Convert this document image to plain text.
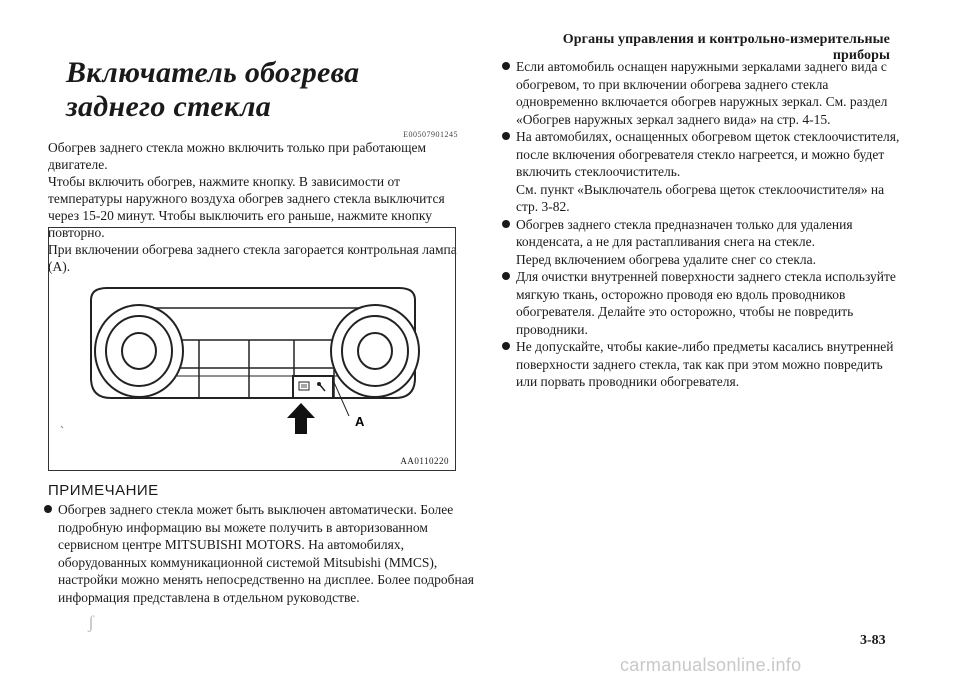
Органы управления и контрольно-измерительные приборы
Включатель обогрева заднего стекла
E00507901245

Обогрев заднего стекла можно включить только при работающем двигателе.

Чтобы включить обогрев, нажмите кнопку. В зависимости от температуры наружного воздуха обогрев заднего стекла выключится через 15-20 минут. Чтобы выключить его раньше, нажмите кнопку повторно.

При включении обогрева заднего стекла загорается контрольная лампа (A).

A
AA0110220
ПРИМЕЧАНИЕ
Обогрев заднего стекла может быть выключен автоматически. Более подробную информацию вы можете получить в авторизованном сервисном центре MITSUBISHI MOTORS. На автомобилях, оборудованных коммуникационной системой Mitsubishi (MMCS), настройки можно менять непосредственно на дисплее. Более подробная информация представлена в отдельном руководстве.
Если автомобиль оснащен наружными зеркалами заднего вида с обогревом, то при включении обогрева заднего стекла одновременно включается обогрев наружных зеркал. См. раздел «Обогрев наружных зеркал заднего вида» на стр. 4-15.
На автомобилях, оснащенных обогревом щеток стеклоочистителя, после включения обогревателя стекло нагреется, и можно будет включить стеклоочиститель.
См. пункт «Выключатель обогрева щеток стеклоочистителя» на стр. 3-82.
Обогрев заднего стекла предназначен только для удаления конденсата, а не для растапливания снега на стекле.
Перед включением обогрева удалите снег со стекла.
Для очистки внутренней поверхности заднего стекла используйте мягкую ткань, осторожно проводя ею вдоль проводников обогревателя. Делайте это осторожно, чтобы не повредить проводники.
Не допускайте, чтобы какие-либо предметы касались внутренней поверхности заднего стекла, так как при этом можно повредить или порвать проводники обогревателя.
ʃ
3-83
carmanualsonline.info
